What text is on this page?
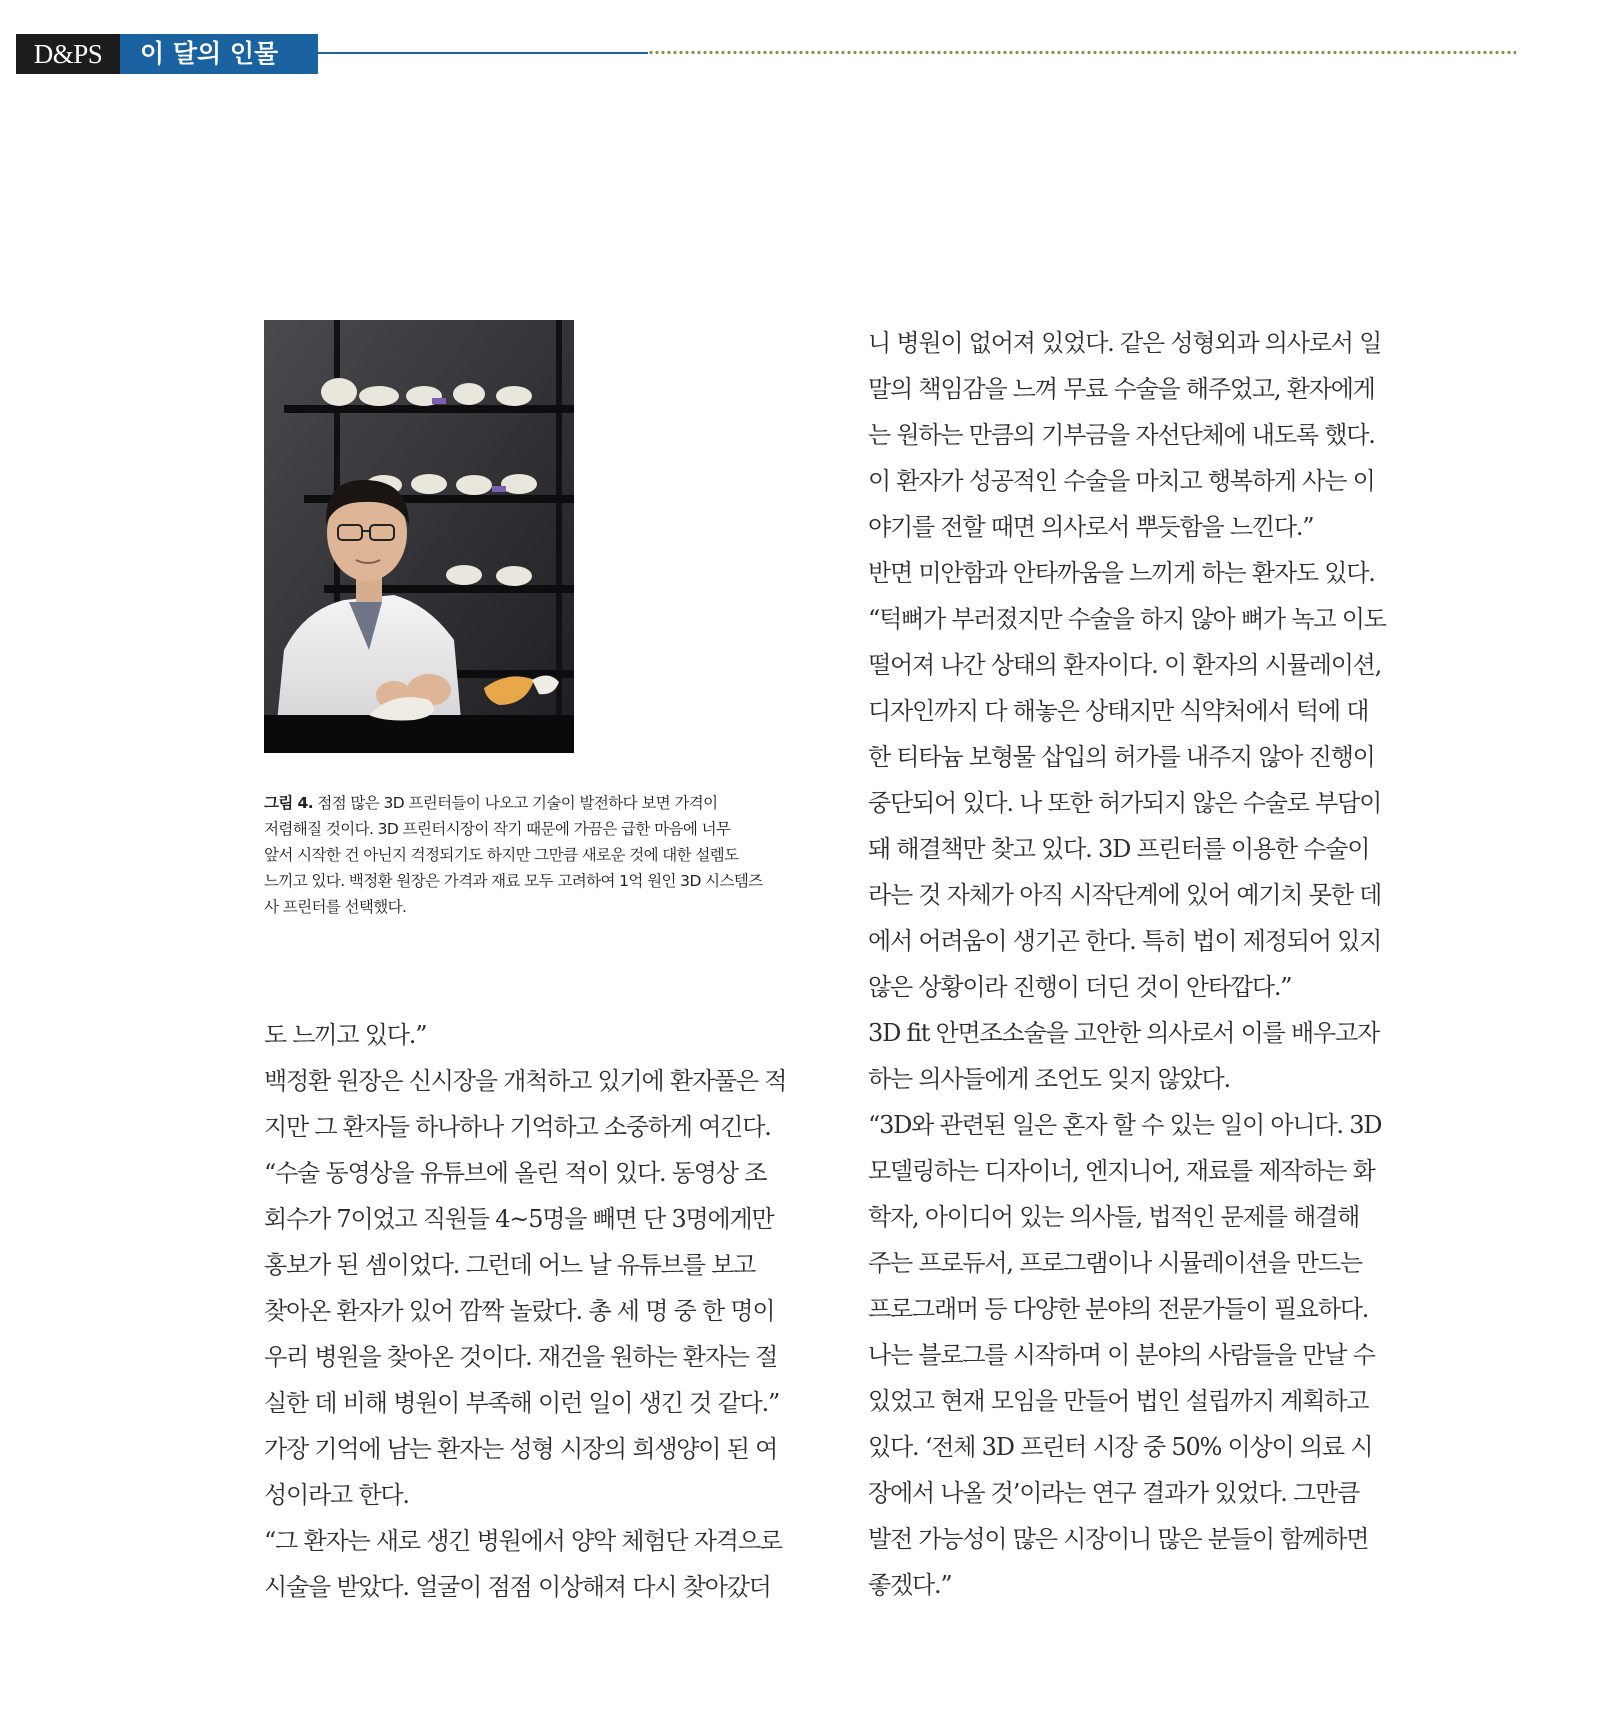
D&PS	이 달의 인물
그림 4. 점점 많은 3D 프린터들이 나오고 기술이 발전하다 보면 가격이
저렴해질 것이다. 3D 프린터시장이 작기 때문에 가끔은 급한 마음에 너무
앞서 시작한 건 아닌지 걱정되기도 하지만 그만큼 새로운 것에 대한 설렘도
느끼고 있다. 백정환 원장은 가격과 재료 모두 고려하여 1억 원인 3D 시스템즈
사 프린터를 선택했다.
도 느끼고 있다.”
백정환 원장은 신시장을 개척하고 있기에 환자풀은 적
지만 그 환자들 하나하나 기억하고 소중하게 여긴다.
“수술 동영상을 유튜브에 올린 적이 있다. 동영상 조
회수가 7이었고 직원들 4~5명을 빼면 단 3명에게만
홍보가 된 셈이었다. 그런데 어느 날 유튜브를 보고
찾아온 환자가 있어 깜짝 놀랐다. 총 세 명 중 한 명이
우리 병원을 찾아온 것이다. 재건을 원하는 환자는 절
실한 데 비해 병원이 부족해 이런 일이 생긴 것 같다.”
가장 기억에 남는 환자는 성형 시장의 희생양이 된 여
성이라고 한다.
“그 환자는 새로 생긴 병원에서 양악 체험단 자격으로
시술을 받았다. 얼굴이 점점 이상해져 다시 찾아갔더
니 병원이 없어져 있었다. 같은 성형외과 의사로서 일
말의 책임감을 느껴 무료 수술을 해주었고, 환자에게
는 원하는 만큼의 기부금을 자선단체에 내도록 했다.
이 환자가 성공적인 수술을 마치고 행복하게 사는 이
야기를 전할 때면 의사로서 뿌듯함을 느낀다.”
반면 미안함과 안타까움을 느끼게 하는 환자도 있다.
“턱뼈가 부러졌지만 수술을 하지 않아 뼈가 녹고 이도
떨어져 나간 상태의 환자이다. 이 환자의 시뮬레이션,
디자인까지 다 해놓은 상태지만 식약처에서 턱에 대
한 티타늄 보형물 삽입의 허가를 내주지 않아 진행이
중단되어 있다. 나 또한 허가되지 않은 수술로 부담이
돼 해결책만 찾고 있다. 3D 프린터를 이용한 수술이
라는 것 자체가 아직 시작단계에 있어 예기치 못한 데
에서 어려움이 생기곤 한다. 특히 법이 제정되어 있지
않은 상황이라 진행이 더딘 것이 안타깝다.”
3D fit 안면조소술을 고안한 의사로서 이를 배우고자
하는 의사들에게 조언도 잊지 않았다.
“3D와 관련된 일은 혼자 할 수 있는 일이 아니다. 3D
모델링하는 디자이너, 엔지니어, 재료를 제작하는 화
학자, 아이디어 있는 의사들, 법적인 문제를 해결해
주는 프로듀서, 프로그램이나 시뮬레이션을 만드는
프로그래머 등 다양한 분야의 전문가들이 필요하다.
나는 블로그를 시작하며 이 분야의 사람들을 만날 수
있었고 현재 모임을 만들어 법인 설립까지 계획하고
있다. ‘전체 3D 프린터 시장 중 50% 이상이 의료 시
장에서 나올 것’이라는 연구 결과가 있었다. 그만큼
발전 가능성이 많은 시장이니 많은 분들이 함께하면
좋겠다.”
